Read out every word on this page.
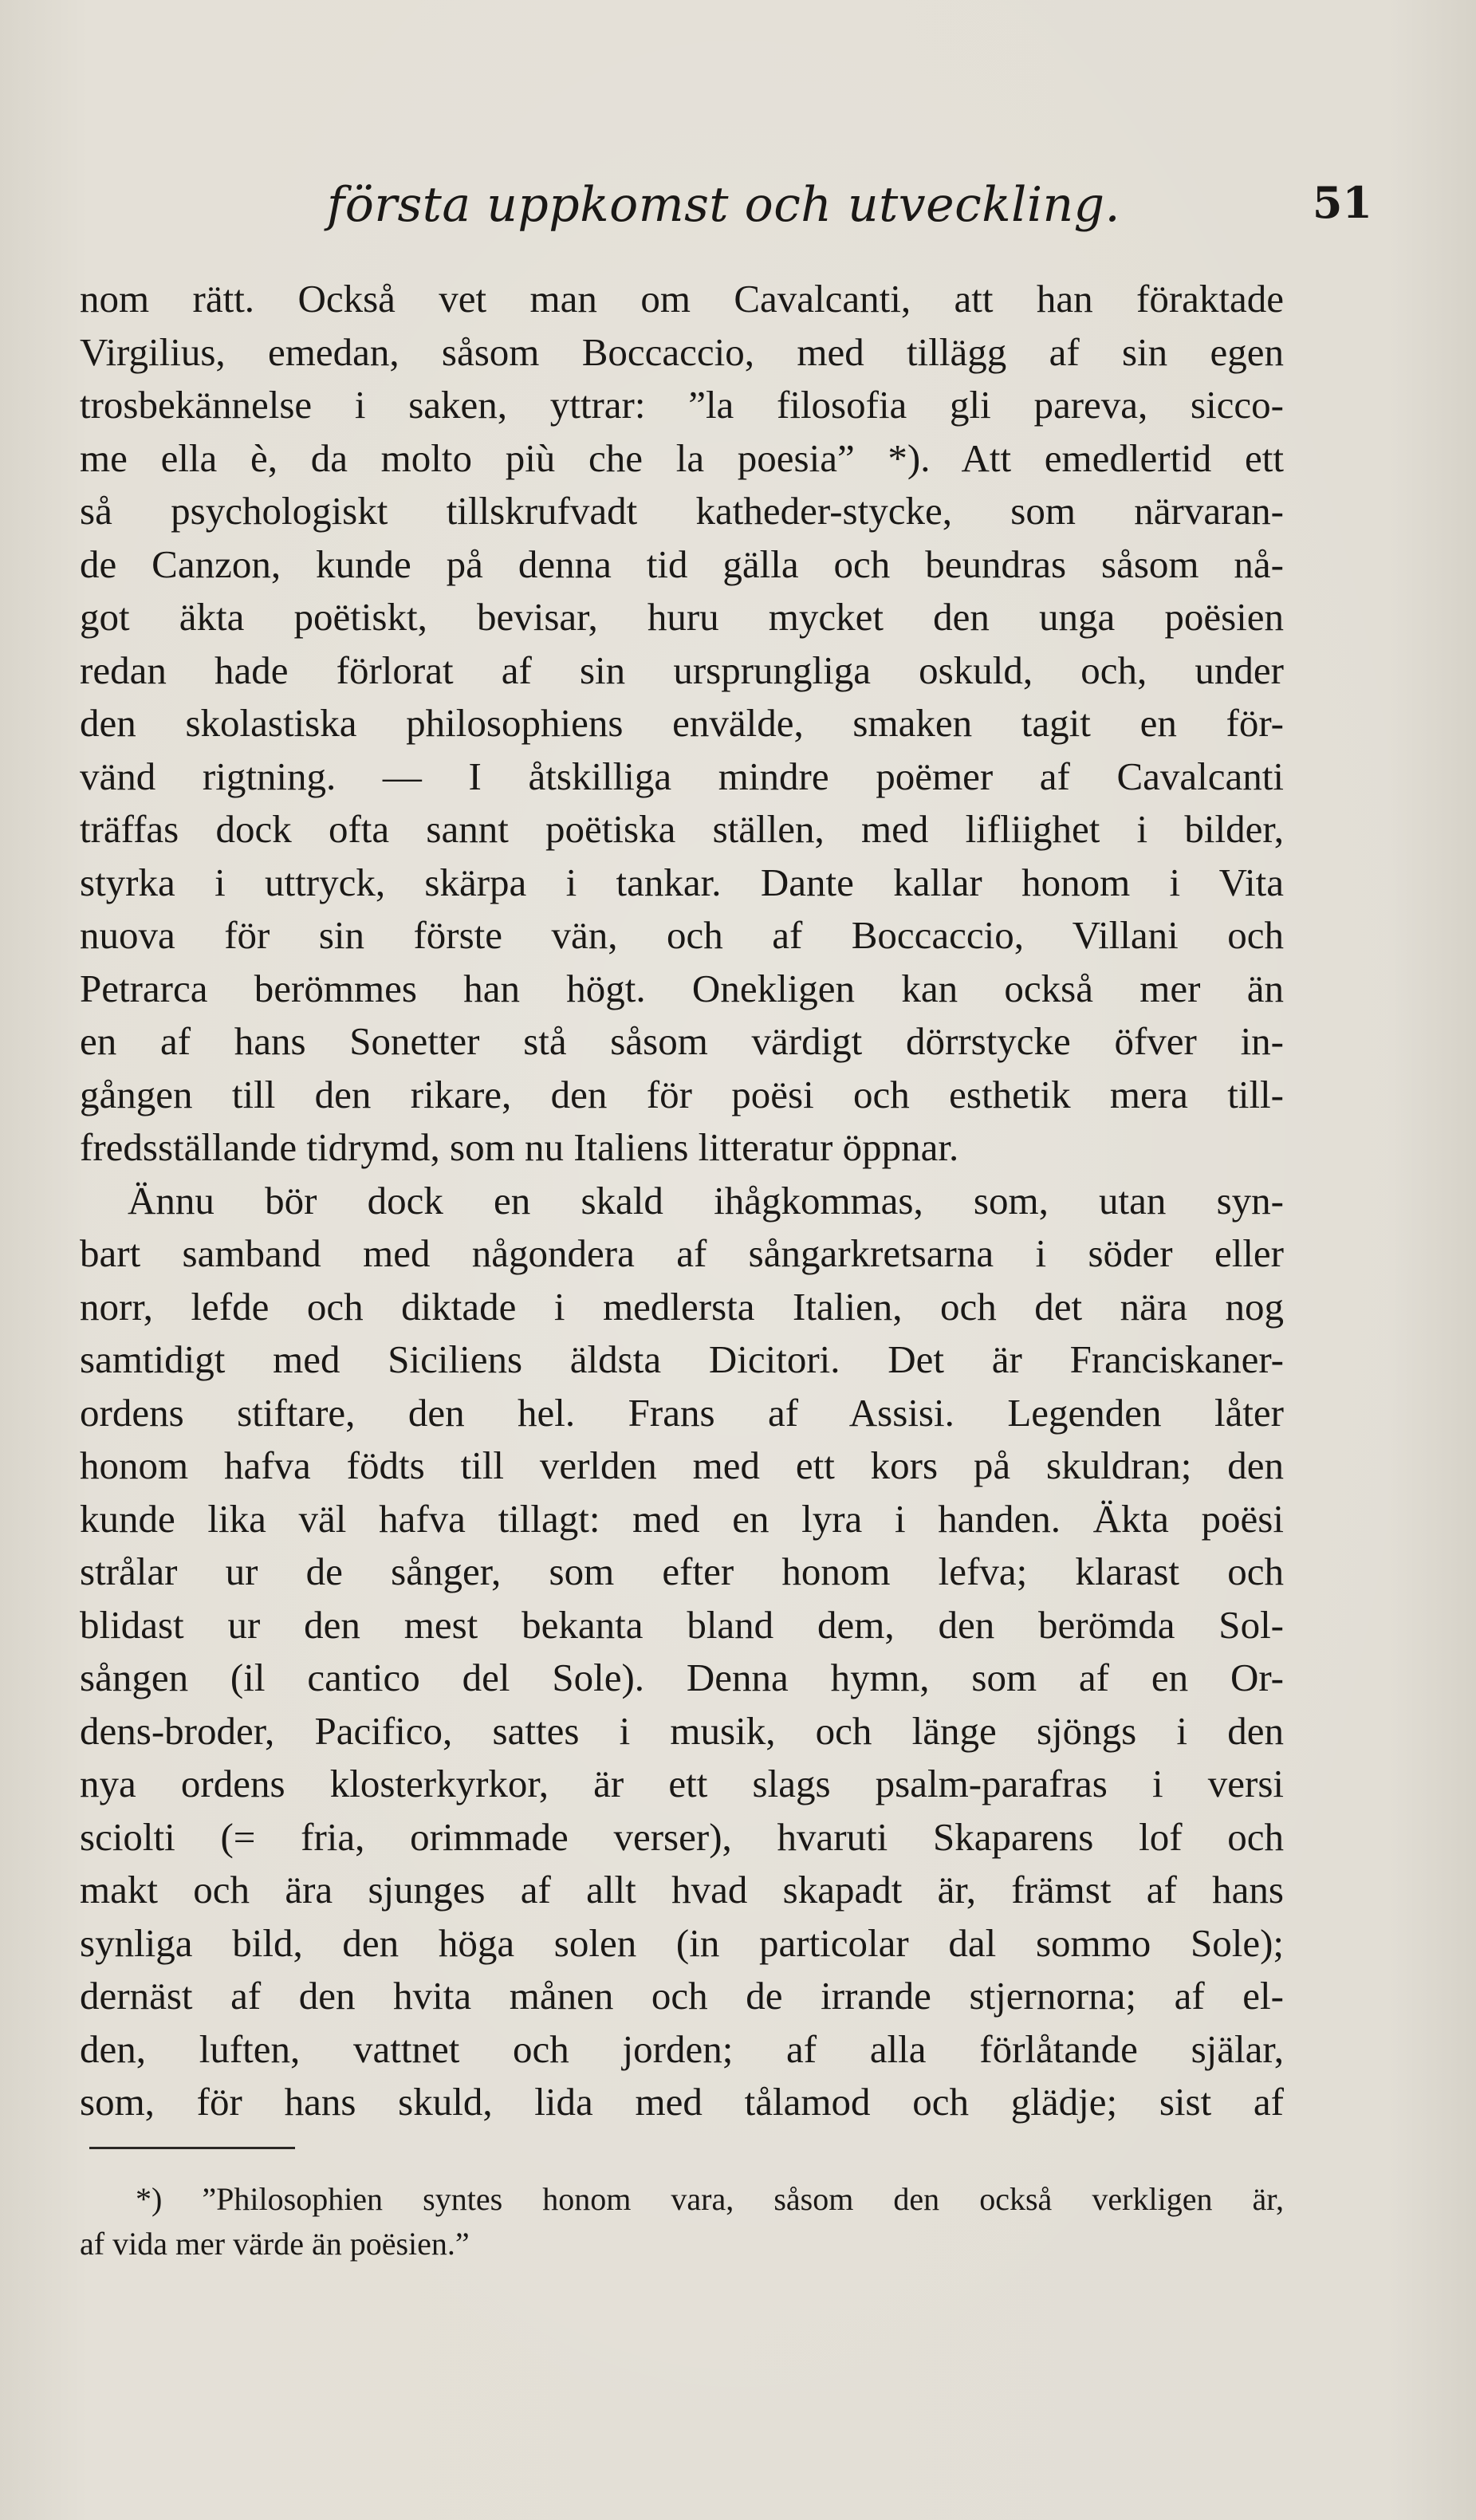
första uppkomst och utveckling.	51
nom rätt. Också vet man om Cavalcanti, att han föraktade
Virgilius, emedan, såsom Boccaccio, med tillägg af sin egen
trosbekännelse i saken, yttrar: ”la filosofia gli pareva, sicco-
me ella è, da molto più che la poesia” *). Att emedlertid ett
så psychologiskt tillskrufvadt katheder-stycke, som närvaran-
de Canzon, kunde på denna tid gälla och beundras såsom nå-
got äkta poëtiskt, bevisar, huru mycket den unga poësien
redan hade förlorat af sin ursprungliga oskuld, och, under
den skolastiska philosophiens envälde, smaken tagit en för-
vänd rigtning. — I åtskilliga mindre poëmer af Cavalcanti
träffas dock ofta sannt poëtiska ställen, med lifliighet i bilder,
styrka i uttryck, skärpa i tankar. Dante kallar honom i Vita
nuova för sin förste vän, och af Boccaccio, Villani och
Petrarca berömmes han högt. Onekligen kan också mer än
en af hans Sonetter stå såsom värdigt dörrstycke öfver in-
gången till den rikare, den för poësi och esthetik mera till-
fredsställande tidrymd, som nu Italiens litteratur öppnar.
Ännu bör dock en skald ihågkommas, som, utan syn-
bart samband med någondera af sångarkretsarna i söder eller
norr, lefde och diktade i medlersta Italien, och det nära nog
samtidigt med Siciliens äldsta Dicitori. Det är Franciskaner-
ordens stiftare, den hel. Frans af Assisi. Legenden låter
honom hafva födts till verlden med ett kors på skuldran; den
kunde lika väl hafva tillagt: med en lyra i handen. Äkta poësi
strålar ur de sånger, som efter honom lefva; klarast och
blidast ur den mest bekanta bland dem, den berömda Sol-
sången (il cantico del Sole). Denna hymn, som af en Or-
dens-broder, Pacifico, sattes i musik, och länge sjöngs i den
nya ordens klosterkyrkor, är ett slags psalm-parafras i versi
sciolti (= fria, orimmade verser), hvaruti Skaparens lof och
makt och ära sjunges af allt hvad skapadt är, främst af hans
synliga bild, den höga solen (in particolar dal sommo Sole);
dernäst af den hvita månen och de irrande stjernorna; af el-
den, luften, vattnet och jorden; af alla förlåtande själar,
som, för hans skuld, lida med tålamod och glädje; sist af
*) ”Philosophien syntes honom vara, såsom den också verkligen är,
af vida mer värde än poësien.”
